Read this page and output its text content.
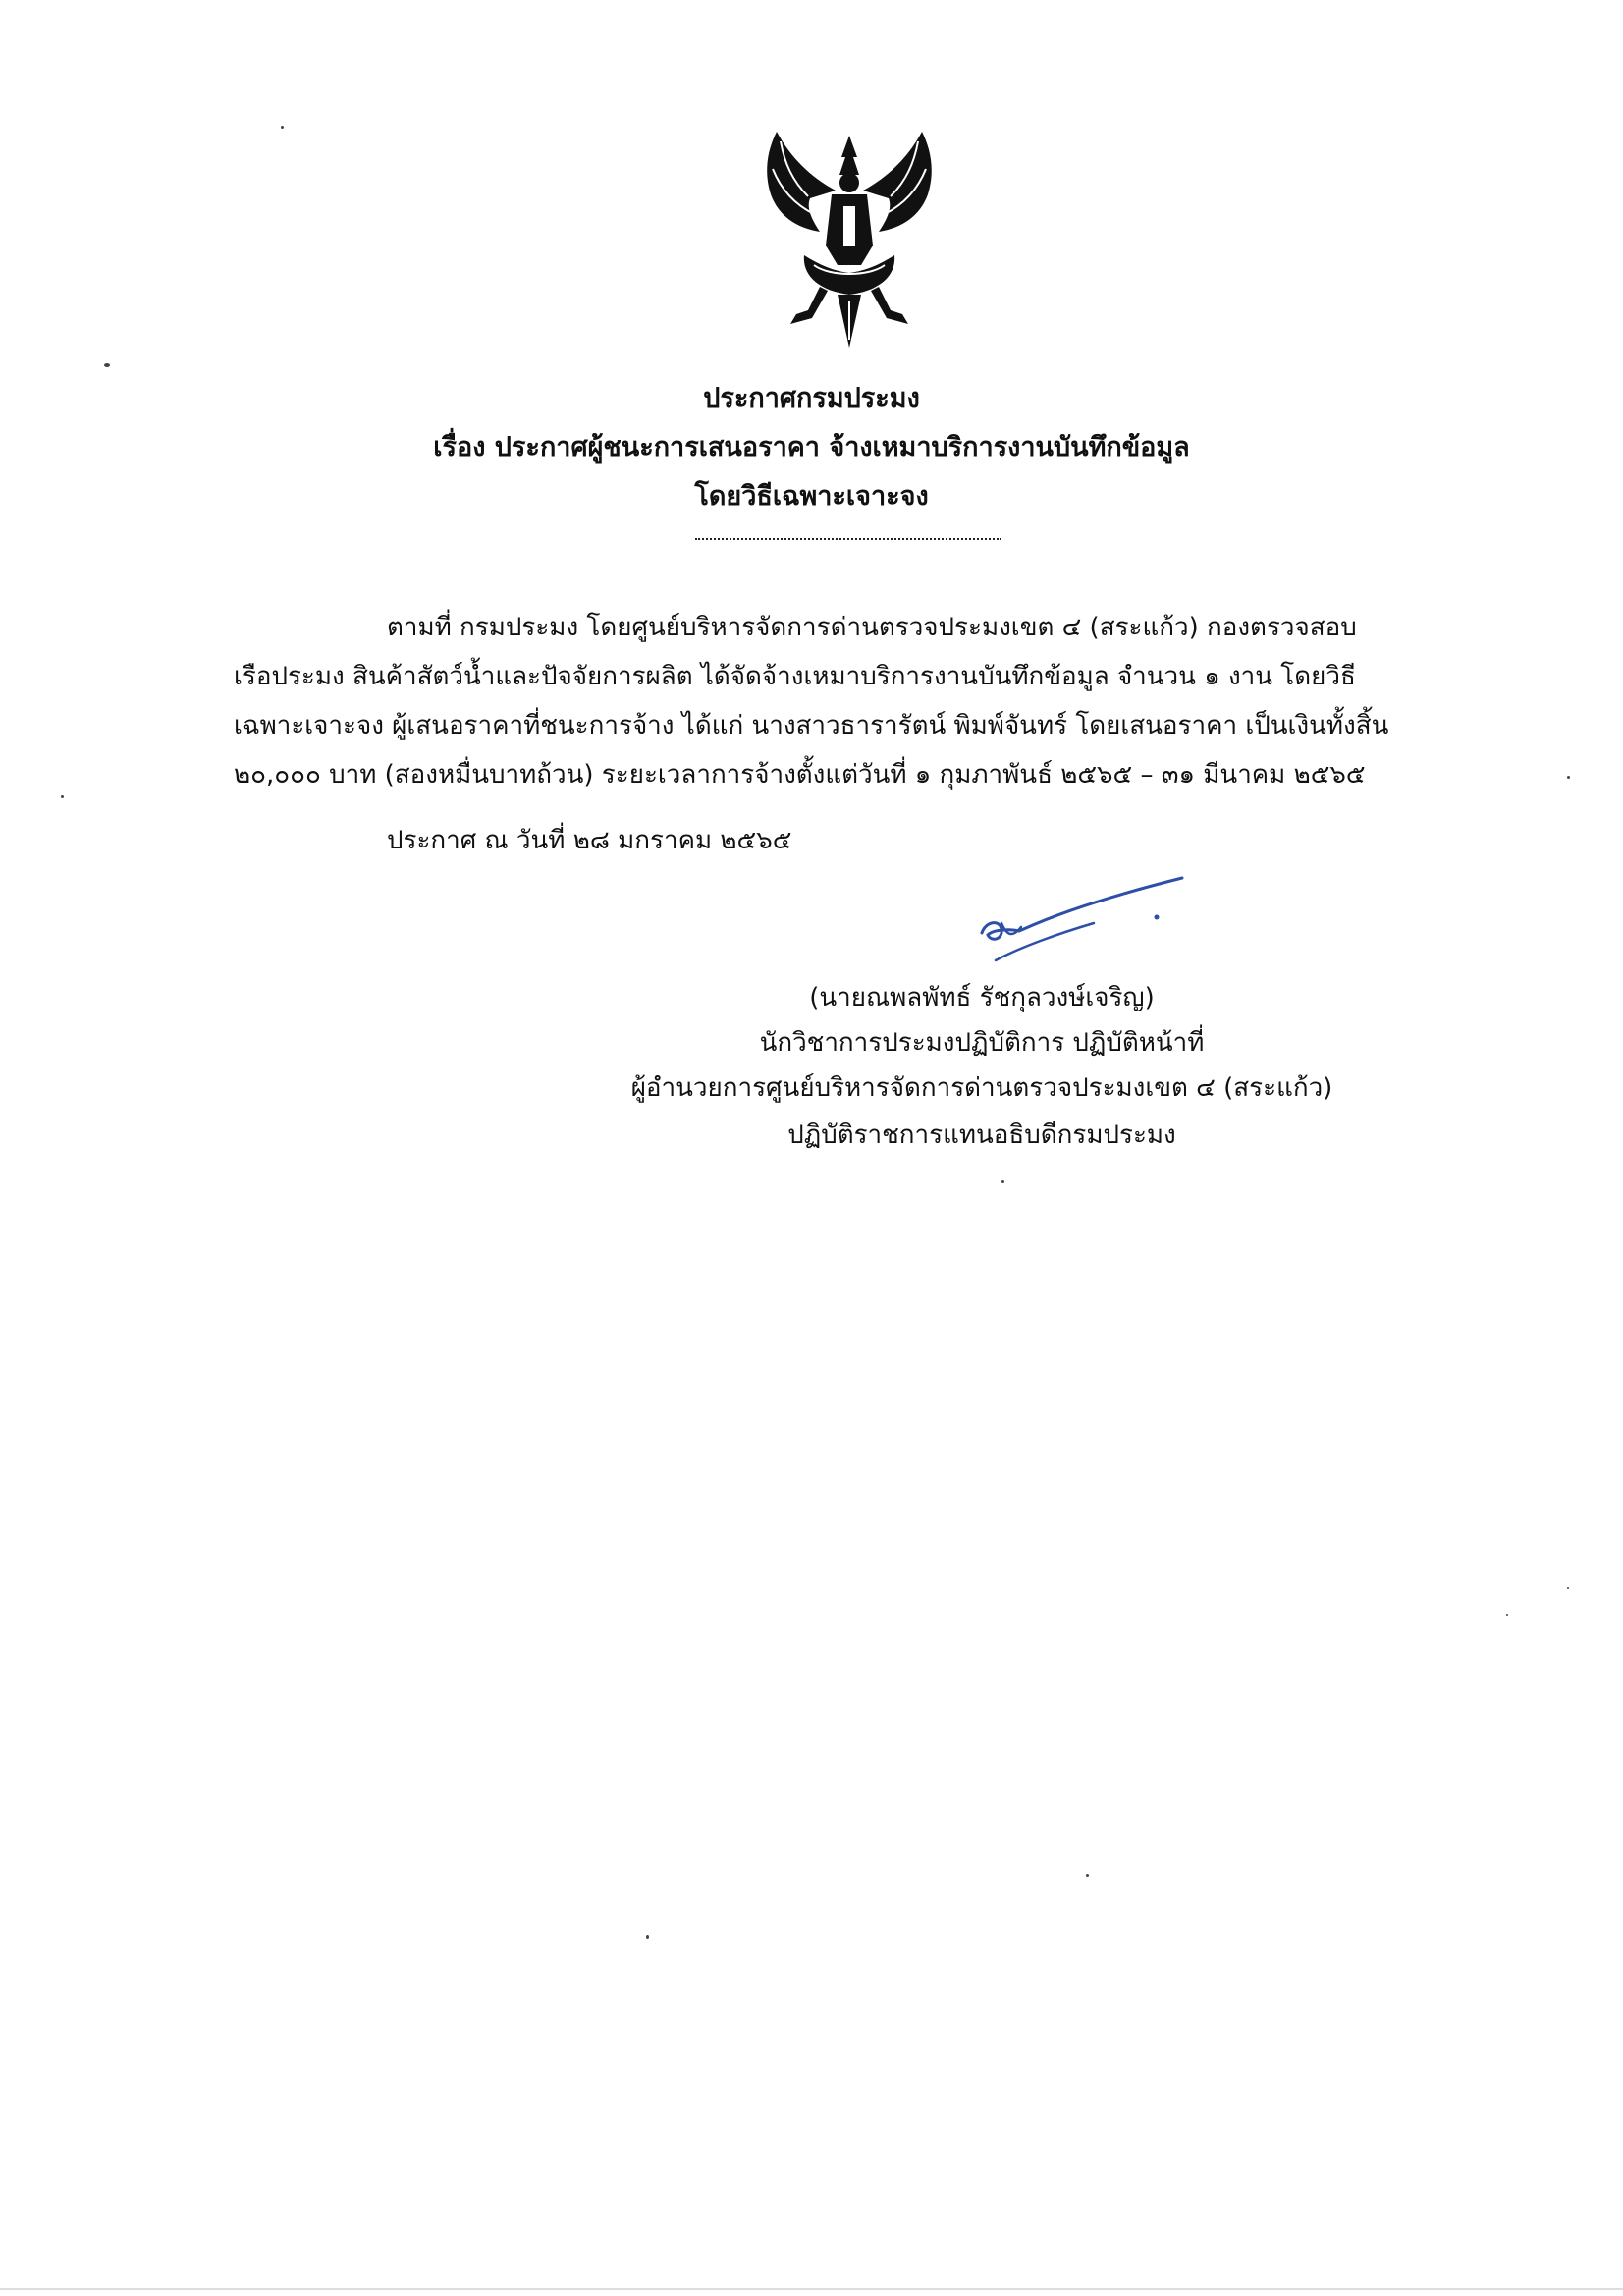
ประกาศกรมประมง
เรื่อง ประกาศผู้ชนะการเสนอราคา จ้างเหมาบริการงานบันทึกข้อมูล
โดยวิธีเฉพาะเจาะจง
ตามที่ กรมประมง โดยศูนย์บริหารจัดการด่านตรวจประมงเขต ๔ (สระแก้ว) กองตรวจสอบ
เรือประมง สินค้าสัตว์น้ำและปัจจัยการผลิต ได้จัดจ้างเหมาบริการงานบันทึกข้อมูล จำนวน ๑ งาน โดยวิธี
เฉพาะเจาะจง ผู้เสนอราคาที่ชนะการจ้าง ได้แก่ นางสาวธารารัตน์ พิมพ์จันทร์ โดยเสนอราคา เป็นเงินทั้งสิ้น
๒๐,๐๐๐ บาท (สองหมื่นบาทถ้วน) ระยะเวลาการจ้างตั้งแต่วันที่ ๑ กุมภาพันธ์ ๒๕๖๕ – ๓๑ มีนาคม ๒๕๖๕
ประกาศ ณ วันที่ ๒๘ มกราคม ๒๕๖๕
(นายณพลพัทธ์ รัชกุลวงษ์เจริญ)
นักวิชาการประมงปฏิบัติการ ปฏิบัติหน้าที่
ผู้อำนวยการศูนย์บริหารจัดการด่านตรวจประมงเขต ๔ (สระแก้ว)
ปฏิบัติราชการแทนอธิบดีกรมประมง
